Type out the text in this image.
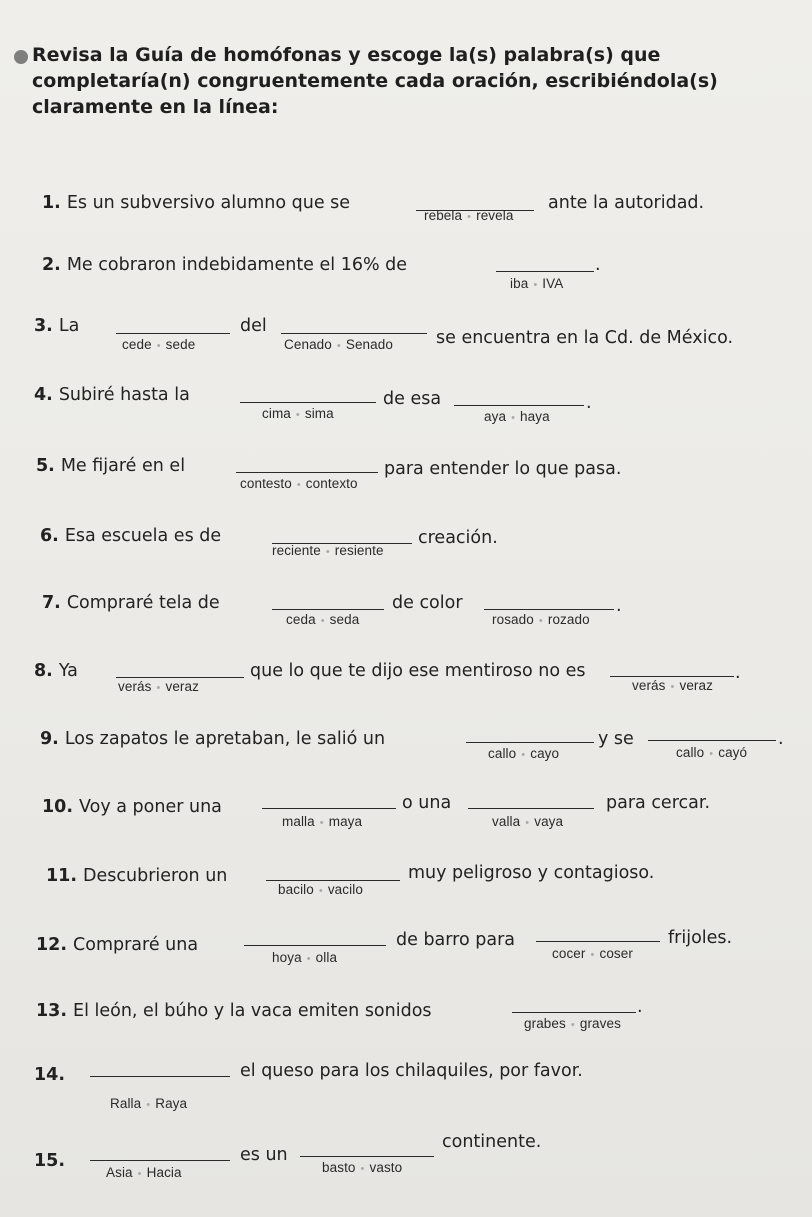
Revisa la Guía de homófonas y escoge la(s) palabra(s) que completaría(n) congruentemente cada oración, escribiéndola(s) claramente en la línea:
1. Es un subversivo alumno que se
rebela • revela
ante la autoridad.
2. Me cobraron indebidamente el 16% de	.
iba • IVA
3. La
cede • sede
del
Cenado • Senado se encuentra en la Cd. de México.
4. Subiré hasta la
cima • sima
de esa
aya • haya
.
5. Me fijaré en el
contesto • contexto
para entender lo que pasa.
6. Esa escuela es de
reciente • resiente
creación.
7. Compraré tela de
ceda • seda
de color
rosado • rozado
.
8. Ya
verás • veraz
que lo que te dijo ese mentiroso no es
verás • veraz
.
9. Los zapatos le apretaban, le salió un
callo • cayo
y se
callo • cayó
.
10. Voy a poner una
malla • maya
o una
valla • vaya
para cercar.
11. Descubrieron un
bacilo • vacilo
muy peligroso y contagioso.
12. Compraré una
hoya • olla
de barro para
cocer • coser
frijoles.
13. El león, el búho y la vaca emiten sonidos
grabes • graves
.
14.
Ralla • Raya
el queso para los chilaquiles, por favor.
15.
Asia • Hacia
es un
basto • vasto
continente.
